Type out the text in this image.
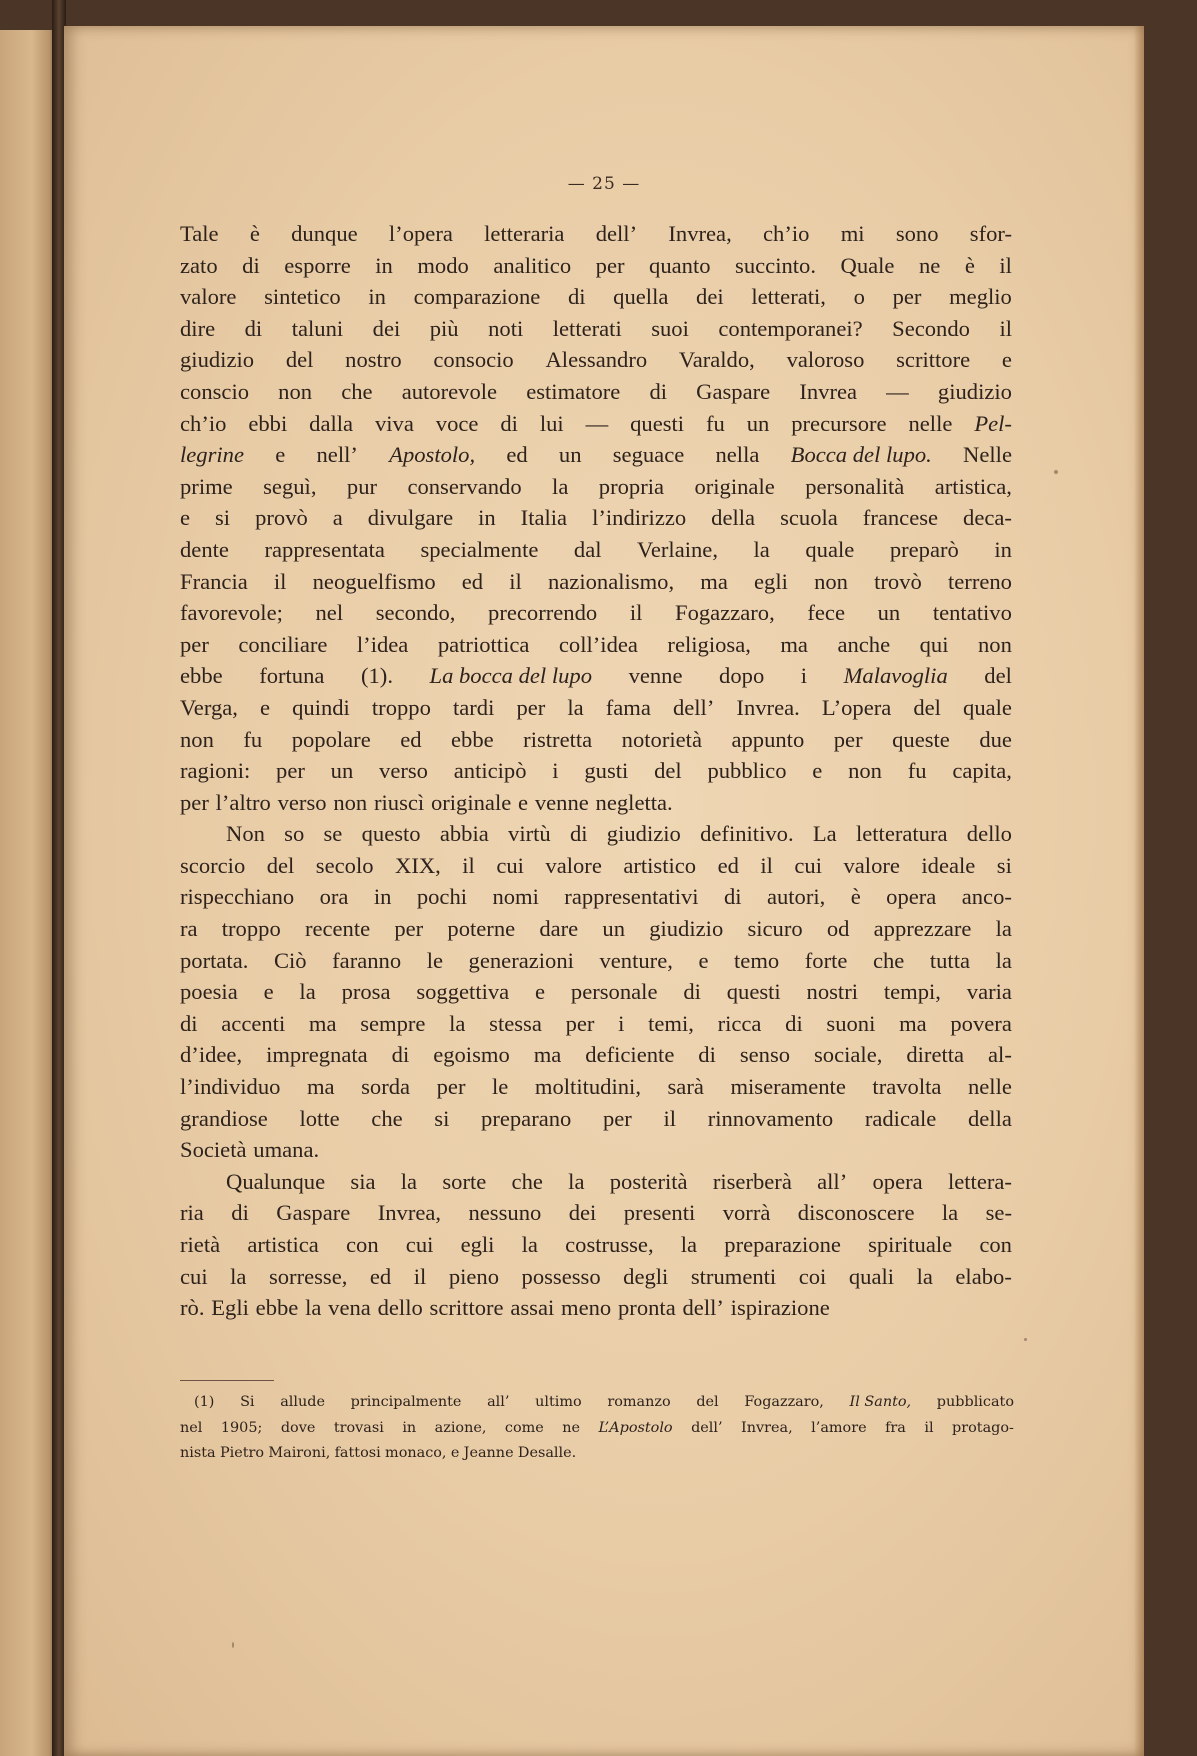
— 25 —
Tale è dunque l’opera letteraria dell’ Invrea, ch’io mi sono sfor-
zato di esporre in modo analitico per quanto succinto. Quale ne è il
valore sintetico in comparazione di quella dei letterati, o per meglio
dire di taluni dei più noti letterati suoi contemporanei? Secondo il
giudizio del nostro consocio Alessandro Varaldo, valoroso scrittore e
conscio non che autorevole estimatore di Gaspare Invrea — giudizio
ch’io ebbi dalla viva voce di lui — questi fu un precursore nelle Pel-
legrine e nell’ Apostolo, ed un seguace nella Bocca del lupo. Nelle
prime seguì, pur conservando la propria originale personalità artistica,
e si provò a divulgare in Italia l’indirizzo della scuola francese deca-
dente rappresentata specialmente dal Verlaine, la quale preparò in
Francia il neoguelfismo ed il nazionalismo, ma egli non trovò terreno
favorevole; nel secondo, precorrendo il Fogazzaro, fece un tentativo
per conciliare l’idea patriottica coll’idea religiosa, ma anche qui non
ebbe fortuna (1). La bocca del lupo venne dopo i Malavoglia del
Verga, e quindi troppo tardi per la fama dell’ Invrea. L’opera del quale
non fu popolare ed ebbe ristretta notorietà appunto per queste due
ragioni: per un verso anticipò i gusti del pubblico e non fu capita,
per l’altro verso non riuscì originale e venne negletta.
Non so se questo abbia virtù di giudizio definitivo. La letteratura dello
scorcio del secolo XIX, il cui valore artistico ed il cui valore ideale si
rispecchiano ora in pochi nomi rappresentativi di autori, è opera anco-
ra troppo recente per poterne dare un giudizio sicuro od apprezzare la
portata. Ciò faranno le generazioni venture, e temo forte che tutta la
poesia e la prosa soggettiva e personale di questi nostri tempi, varia
di accenti ma sempre la stessa per i temi, ricca di suoni ma povera
d’idee, impregnata di egoismo ma deficiente di senso sociale, diretta al-
l’individuo ma sorda per le moltitudini, sarà miseramente travolta nelle
grandiose lotte che si preparano per il rinnovamento radicale della
Società umana.
Qualunque sia la sorte che la posterità riserberà all’ opera lettera-
ria di Gaspare Invrea, nessuno dei presenti vorrà disconoscere la se-
rietà artistica con cui egli la costrusse, la preparazione spirituale con
cui la sorresse, ed il pieno possesso degli strumenti coi quali la elabo-
rò. Egli ebbe la vena dello scrittore assai meno pronta dell’ ispirazione
(1) Si allude principalmente all’ ultimo romanzo del Fogazzaro, Il Santo, pubblicato
nel 1905; dove trovasi in azione, come ne L’Apostolo dell’ Invrea, l’amore fra il protago-
nista Pietro Maironi, fattosi monaco, e Jeanne Desalle.
